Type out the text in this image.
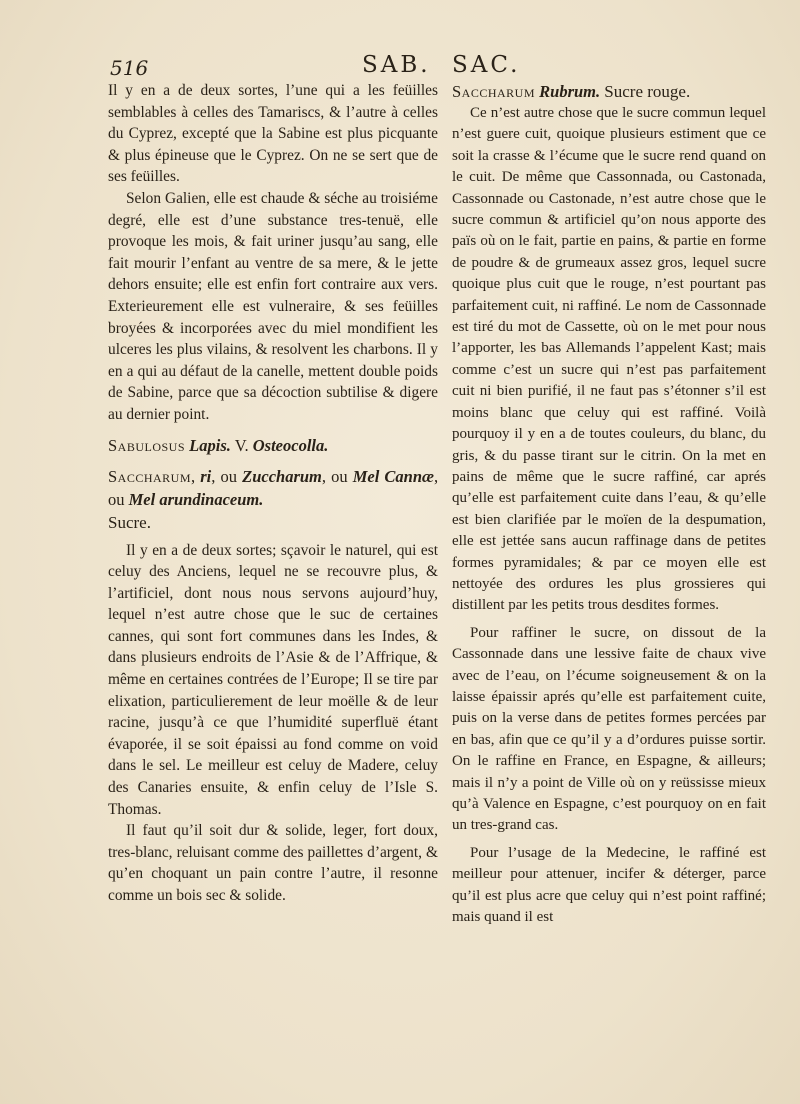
516	SAB. SAC.

Il y en a de deux sortes, l’une qui a les feüilles semblables à celles des Tamariscs, & l’autre à celles du Cyprez, excepté que la Sabine est plus picquante & plus épineuse que le Cyprez. On ne se sert que de ses feüilles.

Selon Galien, elle est chaude & séche au troisiéme degré, elle est d’une substance tres-tenuë, elle provoque les mois, & fait uriner jusqu’au sang, elle fait mourir l’enfant au ventre de sa mere, & le jette dehors ensuite; elle est enfin fort contraire aux vers. Exterieurement elle est vulneraire, & ses feüilles broyées & incorporées avec du miel mondifient les ulceres les plus vilains, & resolvent les charbons. Il y en a qui au défaut de la canelle, mettent double poids de Sabine, parce que sa décoction subtilise & digere au dernier point.

Sabulosus Lapis. V. Osteocolla.

Saccharum, ri, ou Zuccharum, ou Mel Cannæ, ou Mel arundinaceum.
Sucre.

Il y en a de deux sortes; sçavoir le naturel, qui est celuy des Anciens, lequel ne se recouvre plus, & l’artificiel, dont nous nous servons aujourd’huy, lequel n’est autre chose que le suc de certaines cannes, qui sont fort communes dans les Indes, & dans plusieurs endroits de l’Asie & de l’Affrique, & même en certaines contrées de l’Europe; Il se tire par elixation, particulierement de leur moëlle & de leur racine, jusqu’à ce que l’humidité superfluë étant évaporée, il se soit épaissi au fond comme on void dans le sel. Le meilleur est celuy de Madere, celuy des Canaries ensuite, & enfin celuy de l’Isle S. Thomas.

Il faut qu’il soit dur & solide, leger, fort doux, tres-blanc, reluisant comme des paillettes d’argent, & qu’en choquant un pain contre l’autre, il resonne comme un bois sec & solide.

Saccharum Rubrum. Sucre rouge.

Ce n’est autre chose que le sucre commun lequel n’est guere cuit, quoique plusieurs estiment que ce soit la crasse & l’écume que le sucre rend quand on le cuit. De même que Cassonnada, ou Castonada, Cassonnade ou Castonade, n’est autre chose que le sucre commun & artificiel qu’on nous apporte des païs où on le fait, partie en pains, & partie en forme de poudre & de grumeaux assez gros, lequel sucre quoique plus cuit que le rouge, n’est pourtant pas parfaitement cuit, ni raffiné. Le nom de Cassonnade est tiré du mot de Cassette, où on le met pour nous l’apporter, les bas Allemands l’appelent Kast; mais comme c’est un sucre qui n’est pas parfaitement cuit ni bien purifié, il ne faut pas s’étonner s’il est moins blanc que celuy qui est raffiné. Voilà pourquoy il y en a de toutes couleurs, du blanc, du gris, & du passe tirant sur le citrin. On la met en pains de même que le sucre raffiné, car aprés qu’elle est parfaitement cuite dans l’eau, & qu’elle est bien clarifiée par le moïen de la despumation, elle est jettée sans aucun raffinage dans de petites formes pyramidales; & par ce moyen elle est nettoyée des ordures les plus grossieres qui distillent par les petits trous desdites formes.

Pour raffiner le sucre, on dissout de la Cassonnade dans une lessive faite de chaux vive avec de l’eau, on l’écume soigneusement & on la laisse épaissir aprés qu’elle est parfaitement cuite, puis on la verse dans de petites formes percées par en bas, afin que ce qu’il y a d’ordures puisse sortir. On le raffine en France, en Espagne, & ailleurs; mais il n’y a point de Ville où on y reüssisse mieux qu’à Valence en Espagne, c’est pourquoy on en fait un tres-grand cas.

Pour l’usage de la Medecine, le raffiné est meilleur pour attenuer, incifer & déterger, parce qu’il est plus acre que celuy qui n’est point raffiné; mais quand il est
